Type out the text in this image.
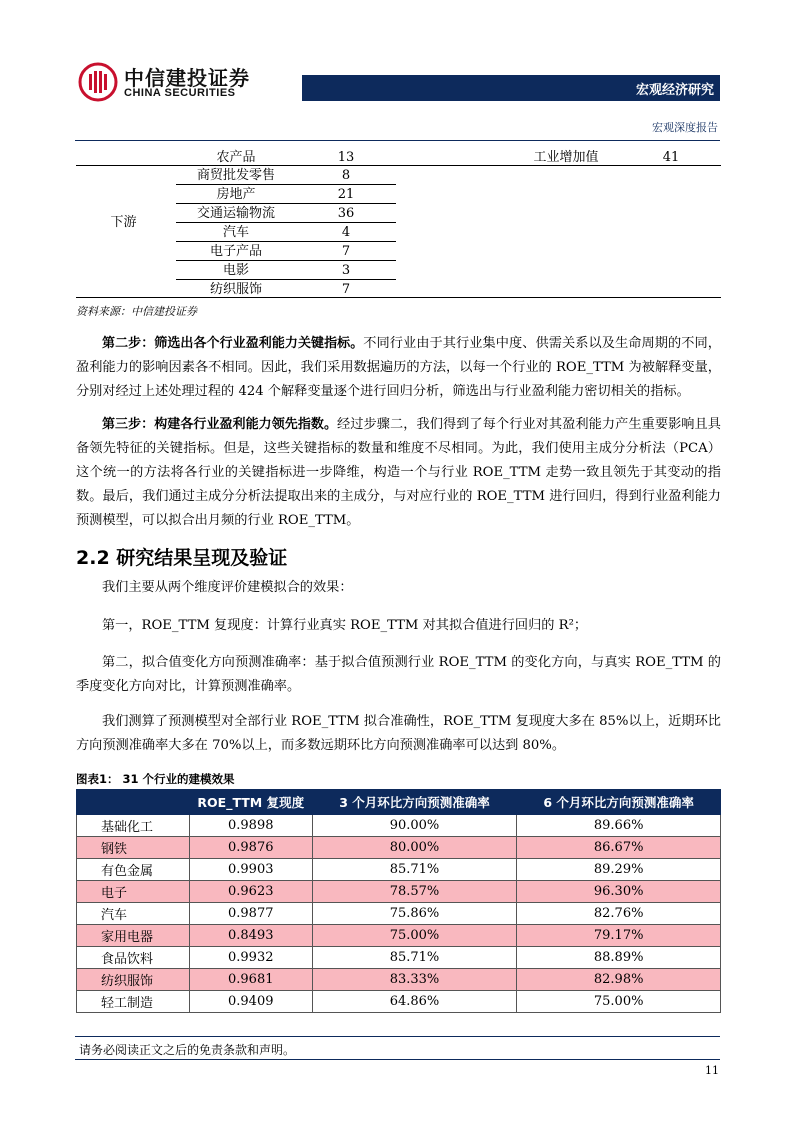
中信建投证券
CHINA SECURITIES	宏观经济研究
宏观深度报告
农产品	13	工业增加值	41
下游
商贸批发零售	8
房地产	21
交通运输物流	36
汽车	4
电子产品	7
电影	3
纺织服饰	7
资料来源：中信建投证券
第二步：筛选出各个行业盈利能力关键指标。不同行业由于其行业集中度、供需关系以及生命周期的不同，盈利能力的影响因素各不相同。因此，我们采用数据遍历的方法，以每一个行业的 ROE_TTM 为被解释变量，分别对经过上述处理过程的 424 个解释变量逐个进行回归分析，筛选出与行业盈利能力密切相关的指标。
第三步：构建各行业盈利能力领先指数。经过步骤二，我们得到了每个行业对其盈利能力产生重要影响且具备领先特征的关键指标。但是，这些关键指标的数量和维度不尽相同。为此，我们使用主成分分析法（PCA）这个统一的方法将各行业的关键指标进一步降维，构造一个与行业 ROE_TTM 走势一致且领先于其变动的指数。最后，我们通过主成分分析法提取出来的主成分，与对应行业的 ROE_TTM 进行回归，得到行业盈利能力预测模型，可以拟合出月频的行业 ROE_TTM。
2.2 研究结果呈现及验证
我们主要从两个维度评价建模拟合的效果：
第一，ROE_TTM 复现度：计算行业真实 ROE_TTM 对其拟合值进行回归的 R²；
第二，拟合值变化方向预测准确率：基于拟合值预测行业 ROE_TTM 的变化方向，与真实 ROE_TTM 的季度变化方向对比，计算预测准确率。
我们测算了预测模型对全部行业 ROE_TTM 拟合准确性，ROE_TTM 复现度大多在 85%以上，近期环比方向预测准确率大多在 70%以上，而多数远期环比方向预测准确率可以达到 80%。
图表1： 31 个行业的建模效果
	ROE_TTM 复现度	3 个月环比方向预测准确率	6 个月环比方向预测准确率
基础化工	0.9898	90.00%	89.66%
钢铁	0.9876	80.00%	86.67%
有色金属	0.9903	85.71%	89.29%
电子	0.9623	78.57%	96.30%
汽车	0.9877	75.86%	82.76%
家用电器	0.8493	75.00%	79.17%
食品饮料	0.9932	85.71%	88.89%
纺织服饰	0.9681	83.33%	82.98%
轻工制造	0.9409	64.86%	75.00%
请务必阅读正文之后的免责条款和声明。
11
